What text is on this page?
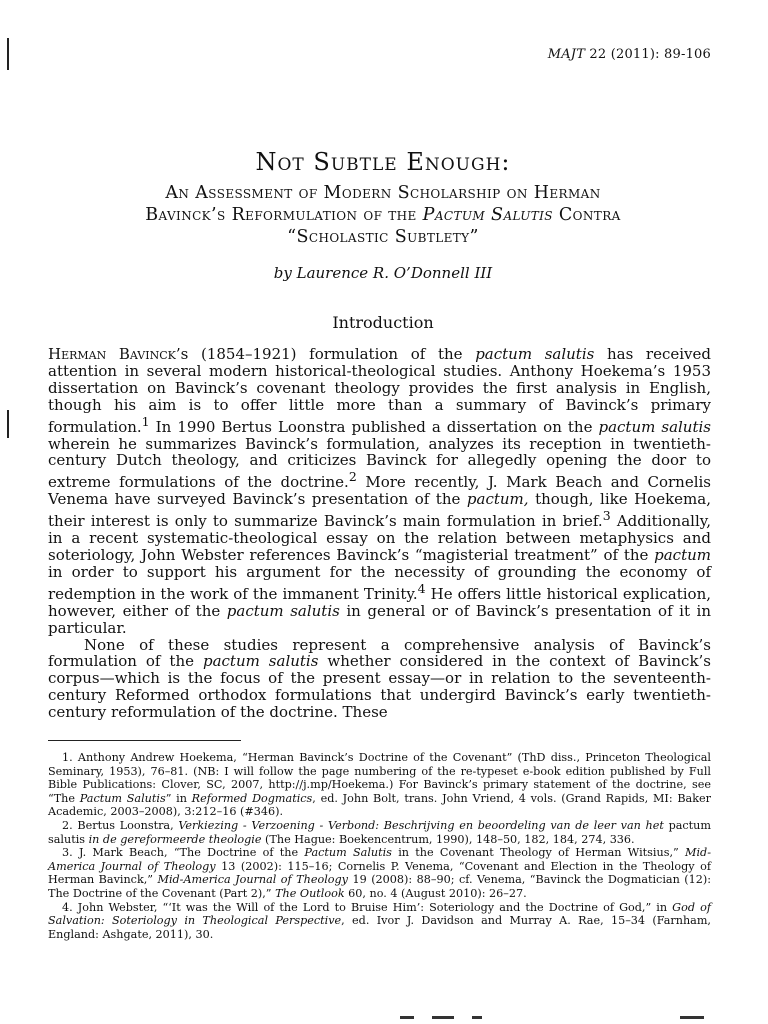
MAJT 22 (2011): 89-106
Not Subtle Enough:
An Assessment of Modern Scholarship on Herman
Bavinck’s Reformulation of the Pactum Salutis Contra
“Scholastic Subtlety”
by Laurence R. O’Donnell III
Introduction

Herman Bavinck’s (1854–1921) formulation of the pactum salutis has received attention in several modern historical-theological studies. Anthony Hoekema’s 1953 dissertation on Bavinck’s covenant theology provides the first analysis in English, though his aim is to offer little more than a summary of Bavinck’s primary formulation.$^1$ In 1990 Bertus Loonstra published a dissertation on the pactum salutis wherein he summarizes Bavinck’s formulation, analyzes its reception in twentieth-century Dutch theology, and criticizes Bavinck for allegedly opening the door to extreme formulations of the doctrine.$^2$ More recently, J. Mark Beach and Cornelis Venema have surveyed Bavinck’s presentation of the pactum, though, like Hoekema, their interest is only to summarize Bavinck’s main formulation in brief.$^3$ Additionally, in a recent systematic-theological essay on the relation between metaphysics and soteriology, John Webster references Bavinck’s “magisterial treatment” of the pactum in order to support his argument for the necessity of grounding the economy of redemption in the work of the immanent Trinity.$^4$ He offers little historical explication, however, either of the pactum salutis in general or of Bavinck’s presentation of it in particular.

None of these studies represent a comprehensive analysis of Bavinck’s formulation of the pactum salutis whether considered in the context of Bavinck’s corpus—which is the focus of the present essay—or in relation to the seventeenth-century Reformed orthodox formulations that undergird Bavinck’s early twentieth-century reformulation of the doctrine. These

1. Anthony Andrew Hoekema, “Herman Bavinck’s Doctrine of the Covenant” (ThD diss., Princeton Theological Seminary, 1953), 76–81. (NB: I will follow the page numbering of the re-typeset e-book edition published by Full Bible Publications: Clover, SC, 2007, http://j.mp/Hoekema.) For Bavinck’s primary statement of the doctrine, see “The Pactum Salutis” in Reformed Dogmatics, ed. John Bolt, trans. John Vriend, 4 vols. (Grand Rapids, MI: Baker Academic, 2003–2008), 3:212–16 (#346).

2. Bertus Loonstra, Verkiezing - Verzoening - Verbond: Beschrijving en beoordeling van de leer van het pactum salutis in de gereformeerde theologie (The Hague: Boekencentrum, 1990), 148–50, 182, 184, 274, 336.

3. J. Mark Beach, “The Doctrine of the Pactum Salutis in the Covenant Theology of Herman Witsius,” Mid-America Journal of Theology 13 (2002): 115–16; Cornelis P. Venema, “Covenant and Election in the Theology of Herman Bavinck,” Mid-America Journal of Theology 19 (2008): 88–90; cf. Venema, “Bavinck the Dogmatician (12): The Doctrine of the Covenant (Part 2),” The Outlook 60, no. 4 (August 2010): 26–27.

4. John Webster, “‘It was the Will of the Lord to Bruise Him’: Soteriology and the Doctrine of God,” in God of Salvation: Soteriology in Theological Perspective, ed. Ivor J. Davidson and Murray A. Rae, 15–34 (Farnham, England: Ashgate, 2011), 30.
